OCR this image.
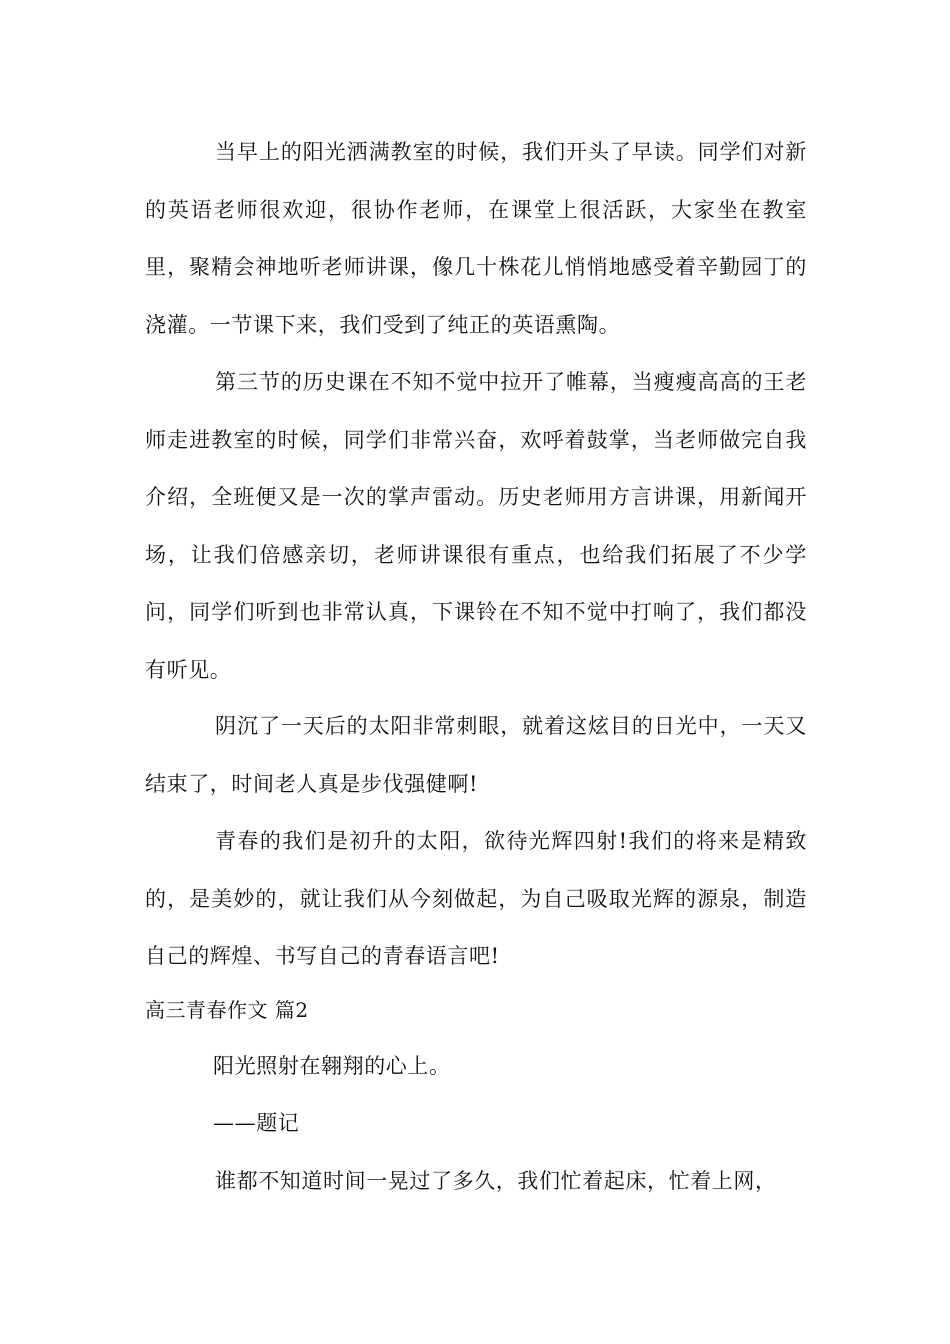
当早上的阳光洒满教室的时候，我们开头了早读。同学们对新的英语老师很欢迎，很协作老师，在课堂上很活跃，大家坐在教室里，聚精会神地听老师讲课，像几十株花儿悄悄地感受着辛勤园丁的浇灌。一节课下来，我们受到了纯正的英语熏陶。

第三节的历史课在不知不觉中拉开了帷幕，当瘦瘦高高的王老师走进教室的时候，同学们非常兴奋，欢呼着鼓掌，当老师做完自我介绍，全班便又是一次的掌声雷动。历史老师用方言讲课，用新闻开场，让我们倍感亲切，老师讲课很有重点，也给我们拓展了不少学问，同学们听到也非常认真，下课铃在不知不觉中打响了，我们都没有听见。

阴沉了一天后的太阳非常刺眼，就着这炫目的日光中，一天又结束了，时间老人真是步伐强健啊!

青春的我们是初升的太阳，欲待光辉四射!我们的将来是精致的，是美妙的，就让我们从今刻做起，为自己吸取光辉的源泉，制造自己的辉煌、书写自己的青春语言吧!

高三青春作文 篇2

阳光照射在翱翔的心上。

——题记

谁都不知道时间一晃过了多久，我们忙着起床，忙着上网，
